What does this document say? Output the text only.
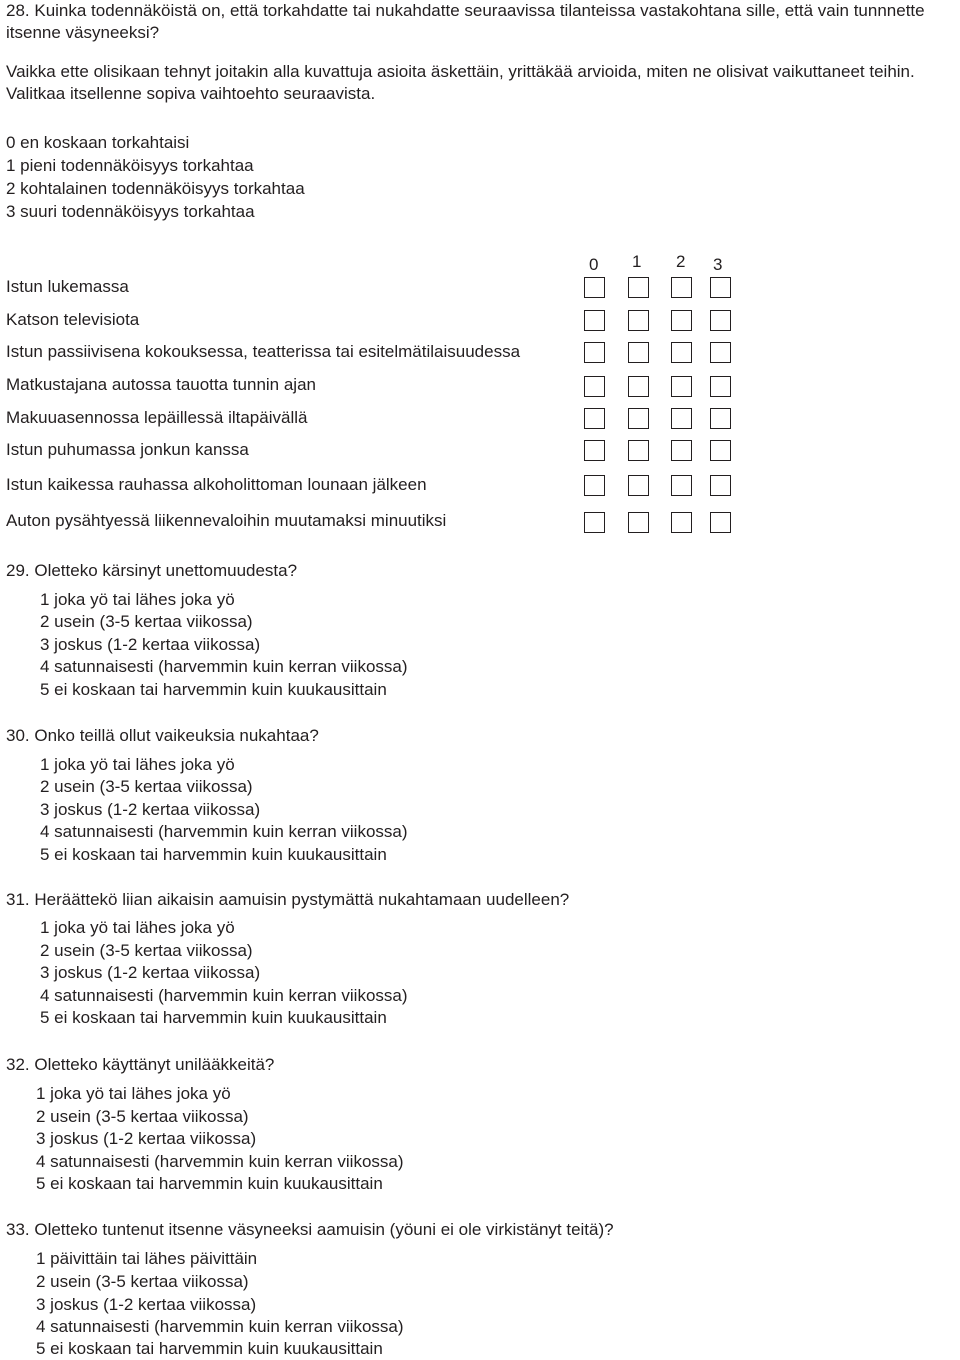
28. Kuinka todennäköistä on, että torkahdatte tai nukahdatte seuraavissa tilanteissa vastakohtana sille, että vain tunnnette itsenne väsyneeksi?
Vaikka ette olisikaan tehnyt joitakin alla kuvattuja asioita äskettäin, yrittäkää arvioida, miten ne olisivat vaikuttaneet teihin. Valitkaa itsellenne sopiva vaihtoehto seuraavista.
0 en koskaan torkahtaisi
1 pieni todennäköisyys torkahtaa
2 kohtalainen todennäköisyys torkahtaa
3 suuri todennäköisyys torkahtaa
0 1 2 3
Istun lukemassa
Katson televisiota
Istun passiivisena kokouksessa, teatterissa tai esitelmätilaisuudessa
Matkustajana autossa tauotta tunnin ajan
Makuuasennossa lepäillessä iltapäivällä
Istun puhumassa jonkun kanssa
Istun kaikessa rauhassa alkoholittoman lounaan jälkeen
Auton pysähtyessä liikennevaloihin muutamaksi minuutiksi
29. Oletteko kärsinyt unettomuudesta?
1 joka yö tai lähes joka yö
2 usein (3-5 kertaa viikossa)
3 joskus (1-2 kertaa viikossa)
4 satunnaisesti (harvemmin kuin kerran viikossa)
5 ei koskaan tai harvemmin kuin kuukausittain
30. Onko teillä ollut vaikeuksia nukahtaa?
1 joka yö tai lähes joka yö
2 usein (3-5 kertaa viikossa)
3 joskus (1-2 kertaa viikossa)
4 satunnaisesti (harvemmin kuin kerran viikossa)
5 ei koskaan tai harvemmin kuin kuukausittain
31. Heräättekö liian aikaisin aamuisin pystymättä nukahtamaan uudelleen?
1 joka yö tai lähes joka yö
2 usein (3-5 kertaa viikossa)
3 joskus (1-2 kertaa viikossa)
4 satunnaisesti (harvemmin kuin kerran viikossa)
5 ei koskaan tai harvemmin kuin kuukausittain
32. Oletteko käyttänyt unilääkkeitä?
1 joka yö tai lähes joka yö
2 usein (3-5 kertaa viikossa)
3 joskus (1-2 kertaa viikossa)
4 satunnaisesti (harvemmin kuin kerran viikossa)
5 ei koskaan tai harvemmin kuin kuukausittain
33. Oletteko tuntenut itsenne väsyneeksi aamuisin (yöuni ei ole virkistänyt teitä)?
1 päivittäin tai lähes päivittäin
2 usein (3-5 kertaa viikossa)
3 joskus (1-2 kertaa viikossa)
4 satunnaisesti (harvemmin kuin kerran viikossa)
5 ei koskaan tai harvemmin kuin kuukausittain
